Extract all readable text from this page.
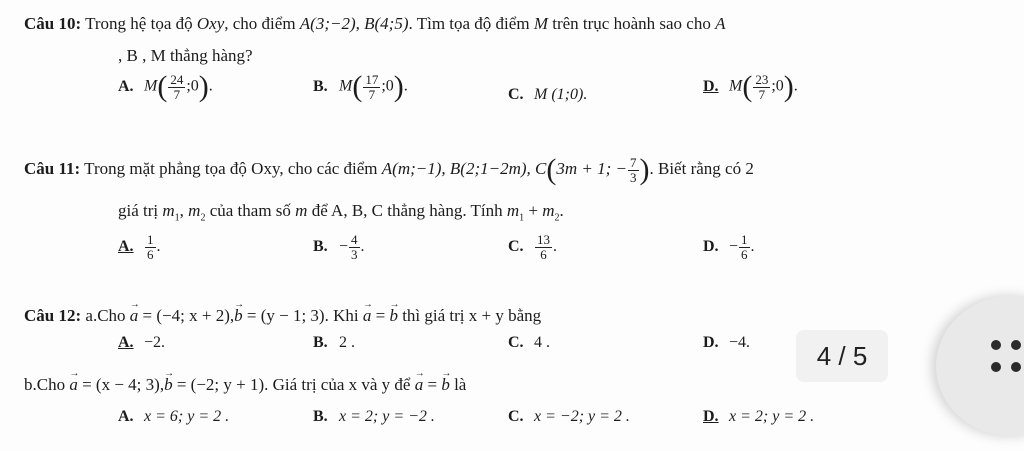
Câu 10: Trong hệ tọa độ Oxy, cho điểm A(3;−2), B(4;5). Tìm tọa độ điểm M trên trục hoành sao cho A
, B , M thẳng hàng?
A. $M( \frac{24}{7}$ ;0).	B. $M( \frac{17}{7}$ ;0).	C. M (1;0).	D. $M( \frac{23}{7}$ ;0).
Câu 11: Trong mặt phẳng tọa độ Oxy, cho các điểm A(m;−1), B(2;1−2m), C(3m + 1; − $\frac{7}{3}$ ). Biết rằng có 2
giá trị $m_1$, $m_2$ của tham số m để A, B, C thẳng hàng. Tính $m_1 + m_2$.
A. $\frac{1}{6}$ .	B. − $\frac{4}{3}$ .	C. $\frac{13}{6}$ .	D. − $\frac{1}{6}$ .
Câu 12: a.Cho → a = (−4; x + 2),→ b = (y − 1; 3). Khi → a = → b thì giá trị x + y bằng
A. −2.	B. 2 .	C. 4 .	D. −4.
b.Cho → a = (x − 4; 3),→ b = (−2; y + 1). Giá trị của x và y để → a = → b là
A. x = 6; y = 2 .	B. x = 2; y = −2 .	C. x = −2; y = 2 .	D. x = 2; y = 2 .
4 / 5
